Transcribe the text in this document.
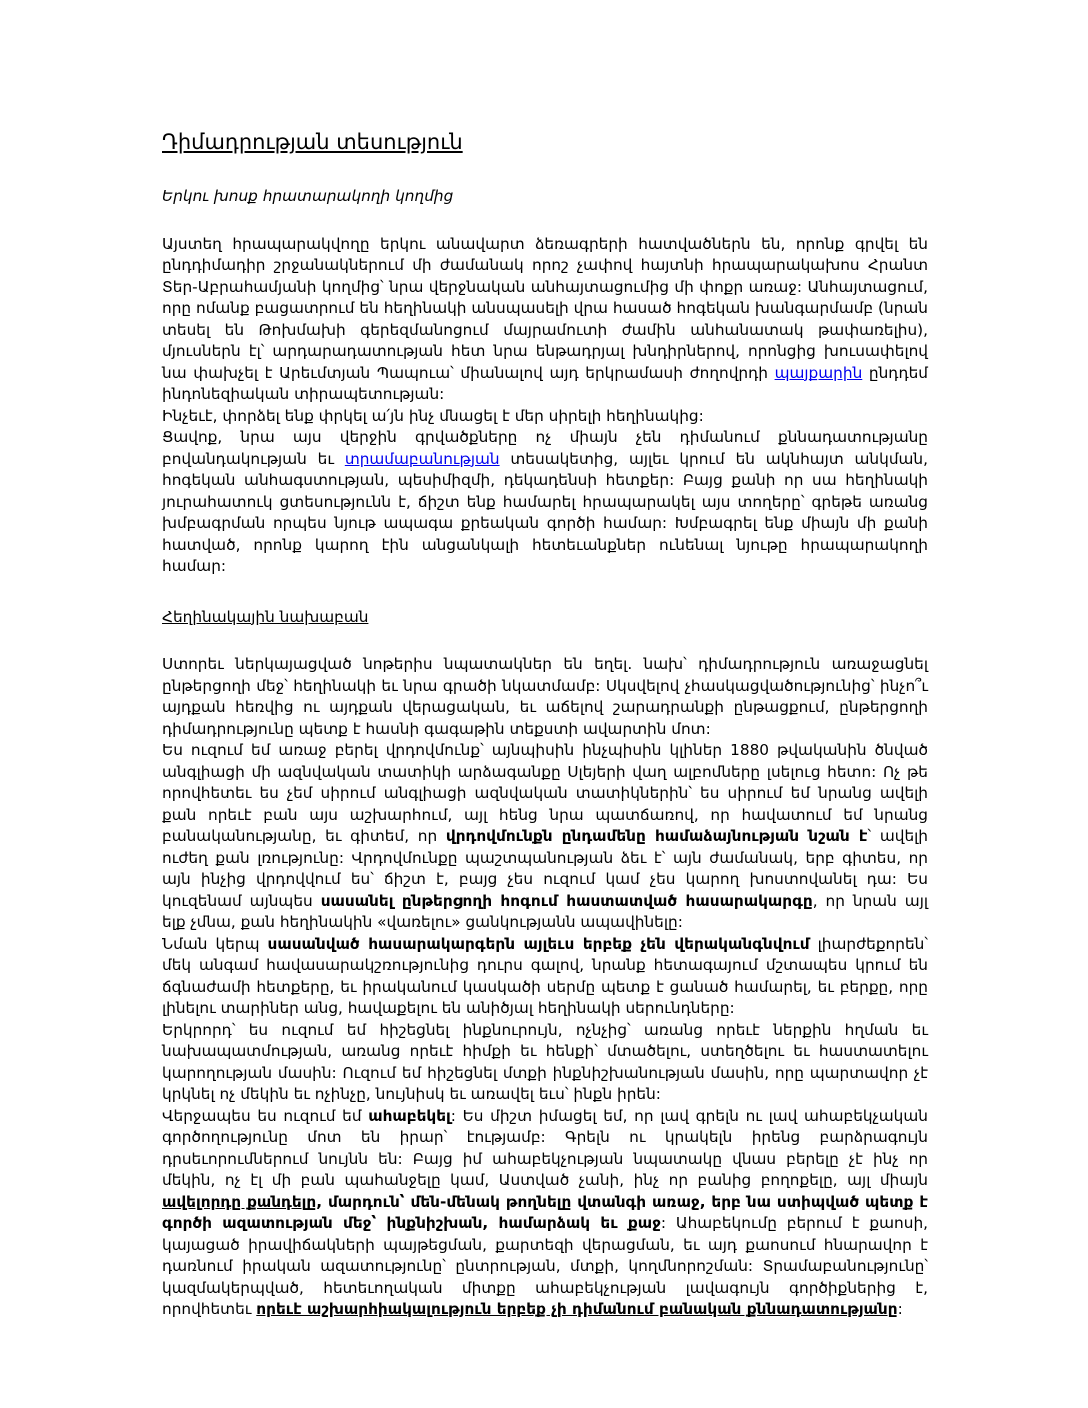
Դիմադրության տեսություն
Երկու խոսք հրատարակողի կողմից

Այստեղ հրապարակվողը երկու անավարտ ձեռագրերի հատվածներն են, որոնք գրվել են ընդդիմադիր շրջանակներում մի ժամանակ որոշ չափով հայտնի հրապարակախոս Հրանտ Տեր-Աբրահամյանի կողմից՝ նրա վերջնական անհայտացումից մի փոքր առաջ: Անհայտացում, որը ոմանք բացատրում են հեղինակի անսպասելի վրա հասած հոգեկան խանգարմամբ (նրան տեսել են Թոխմախի գերեզմանոցում մայրամուտի ժամին անհանատակ թափառելիս), մյուսներն էլ՝ արդարադատության հետ նրա ենթադրյալ խնդիրներով, որոնցից խուսափելով նա փախչել է Արեւմտյան Պապուա՝ միանալով այդ երկրամասի ժողովրդի պայքարին ընդդեմ ինդոնեզիական տիրապետության:

Ինչեւէ, փորձել ենք փրկել ա՛յն ինչ մնացել է մեր սիրելի հեղինակից:

Ցավոք, նրա այս վերջին գրվածքները ոչ միայն չեն դիմանում քննադատությանը բովանդակության եւ տրամաբանության տեսակետից, այլեւ կրում են ակնհայտ անկման, հոգեկան անհագստության, պեսիմիզմի, դեկադենսի հետքեր: Բայց քանի որ սա հեղինակի յուրահատուկ ցտեսությունն է, ճիշտ ենք համարել հրապարակել այս տողերը՝ գրեթե առանց խմբագրման որպես նյութ ապագա քրեական գործի համար: Խմբագրել ենք միայն մի քանի հատված, որոնք կարող էին անցանկալի հետեւանքներ ունենալ նյութը հրապարակողի համար:

Հեղինակային նախաբան

Ստորեւ ներկայացված նոթերիս նպատակներ են եղել. նախ՝ դիմադրություն առաջացնել ընթերցողի մեջ՝ հեղինակի եւ նրա գրածի նկատմամբ: Սկսվելով չհասկացվածությունից՝ ինչո՞ւ այդքան հեռվից ու այդքան վերացական, եւ աճելով շարադրանքի ընթացքում, ընթերցողի դիմադրությունը պետք է հասնի գագաթին տեքստի ավարտին մոտ:

Ես ուզում եմ առաջ բերել վրդովմունք՝ այնպիսին ինչպիսին կլիներ 1880 թվականին ծնված անգլիացի մի ազնվական տատիկի արձագանքը Սլեյերի վաղ ալբոմները լսելուց հետո: Ոչ թե որովհետեւ ես չեմ սիրում անգլիացի ազնվական տատիկներին՝ ես սիրում եմ նրանց ավելի քան որեւէ բան այս աշխարհում, այլ հենց նրա պատճառով, որ հավատում եմ նրանց բանականությանը, եւ գիտեմ, որ վրդովմունքն ընդամենը համաձայնության նշան է՝ ավելի ուժեղ քան լռությունը: Վրդովմունքը պաշտպանության ձեւ է՝ այն ժամանակ, երբ գիտես, որ այն ինչից վրդովվում ես՝ ճիշտ է, բայց չես ուզում կամ չես կարող խոստովանել դա: Ես կուզենամ այնպես սասանել ընթերցողի հոգում հաստատված հասարակարգը, որ նրան այլ ելք չմնա, քան հեղինակին «վառելու» ցանկությանն ապավինելը:

Նման կերպ սասանված հասարակարգերն այլեւս երբեք չեն վերականգնվում լիարժեքորեն՝ մեկ անգամ հավասարակշռությունից դուրս գալով, նրանք հետագայում մշտապես կրում են ճգնաժամի հետքերը, եւ իրականում կասկածի սերմը պետք է ցանած համարել, եւ բերքը, որը լինելու տարիներ անց, հավաքելու են անիծյալ հեղինակի սերունդները:

Երկրորդ՝ ես ուզում եմ հիշեցնել ինքնուրույն, ոչնչից՝ առանց որեւէ ներքին հղման եւ նախապատմության, առանց որեւէ հիմքի եւ հենքի՝ մտածելու, ստեղծելու եւ հաստատելու կարողության մասին: Ուզում եմ հիշեցնել մտքի ինքնիշխանության մասին, որը պարտավոր չէ կրկնել ոչ մեկին եւ ոչինչը, նույնիսկ եւ առավել եւս՝ ինքն իրեն:

Վերջապես ես ուզում եմ ահաբեկել: Ես միշտ իմացել եմ, որ լավ գրելն ու լավ ահաբեկչական գործողությունը մոտ են իրար՝ էությամբ: Գրելն ու կրակելն իրենց բարձրագույն դրսեւորումներում նույնն են: Բայց իմ ահաբեկչության նպատակը վնաս բերելը չէ ինչ որ մեկին, ոչ էլ մի բան պահանջելը կամ, Աստված չանի, ինչ որ բանից բողոքելը, այլ միայն ավելորդը քանդելը, մարդուն՝ մեն-մենակ թողնելը վտանգի առաջ, երբ նա ստիպված պետք է գործի ազատության մեջ՝ ինքնիշխան, համարձակ եւ քաջ: Ահաբեկումը բերում է քաոսի, կայացած իրավիճակների պայթեցման, քարտեզի վերացման, եւ այդ քաոսում հնարավոր է դառնում իրական ազատությունը՝ ընտրության, մտքի, կողմնորոշման: Տրամաբանությունը՝ կազմակերպված, հետեւողական միտքը ահաբեկչության լավագույն գործիքներից է, որովհետեւ որեւէ աշխարհիակալություն երբեք չի դիմանում բանական քննադատությանը:
